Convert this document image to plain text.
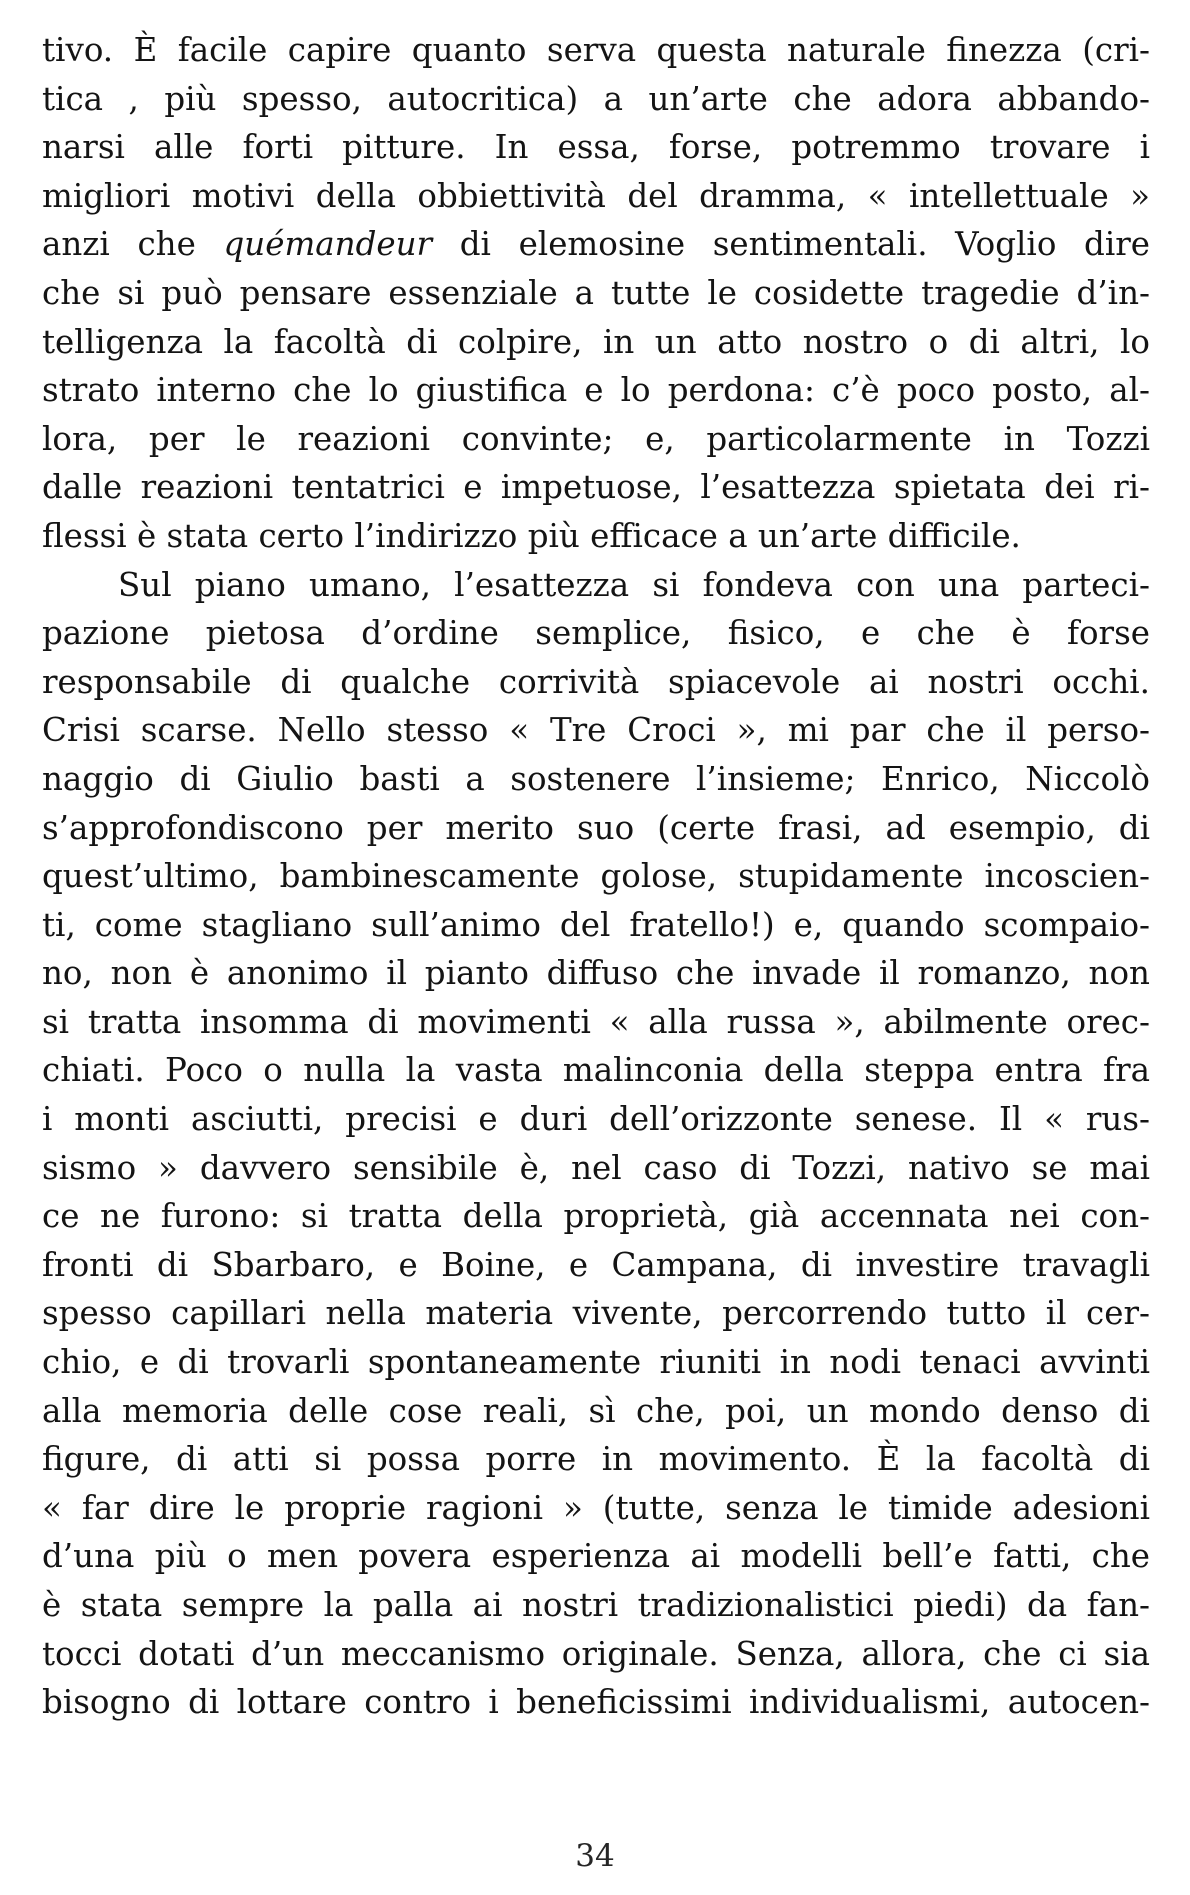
tivo. È facile capire quanto serva questa naturale finezza (cri-
tica , più spesso, autocritica) a un’arte che adora abbando-
narsi alle forti pitture. In essa, forse, potremmo trovare i
migliori motivi della obbiettività del dramma, « intellettuale »
anzi che quémandeur di elemosine sentimentali. Voglio dire
che si può pensare essenziale a tutte le cosidette tragedie d’in-
telligenza la facoltà di colpire, in un atto nostro o di altri, lo
strato interno che lo giustifica e lo perdona: c’è poco posto, al-
lora, per le reazioni convinte; e, particolarmente in Tozzi
dalle reazioni tentatrici e impetuose, l’esattezza spietata dei ri-
flessi è stata certo l’indirizzo più efficace a un’arte difficile.
Sul piano umano, l’esattezza si fondeva con una parteci-
pazione pietosa d’ordine semplice, fisico, e che è forse
responsabile di qualche corrività spiacevole ai nostri occhi.
Crisi scarse. Nello stesso « Tre Croci », mi par che il perso-
naggio di Giulio basti a sostenere l’insieme; Enrico, Niccolò
s’approfondiscono per merito suo (certe frasi, ad esempio, di
quest’ultimo, bambinescamente golose, stupidamente incoscien-
ti, come stagliano sull’animo del fratello!) e, quando scompaio-
no, non è anonimo il pianto diffuso che invade il romanzo, non
si tratta insomma di movimenti « alla russa », abilmente orec-
chiati. Poco o nulla la vasta malinconia della steppa entra fra
i monti asciutti, precisi e duri dell’orizzonte senese. Il « rus-
sismo » davvero sensibile è, nel caso di Tozzi, nativo se mai
ce ne furono: si tratta della proprietà, già accennata nei con-
fronti di Sbarbaro, e Boine, e Campana, di investire travagli
spesso capillari nella materia vivente, percorrendo tutto il cer-
chio, e di trovarli spontaneamente riuniti in nodi tenaci avvinti
alla memoria delle cose reali, sì che, poi, un mondo denso di
figure, di atti si possa porre in movimento. È la facoltà di
« far dire le proprie ragioni » (tutte, senza le timide adesioni
d’una più o men povera esperienza ai modelli bell’e fatti, che
è stata sempre la palla ai nostri tradizionalistici piedi) da fan-
tocci dotati d’un meccanismo originale. Senza, allora, che ci sia
bisogno di lottare contro i beneficissimi individualismi, autocen-
34
